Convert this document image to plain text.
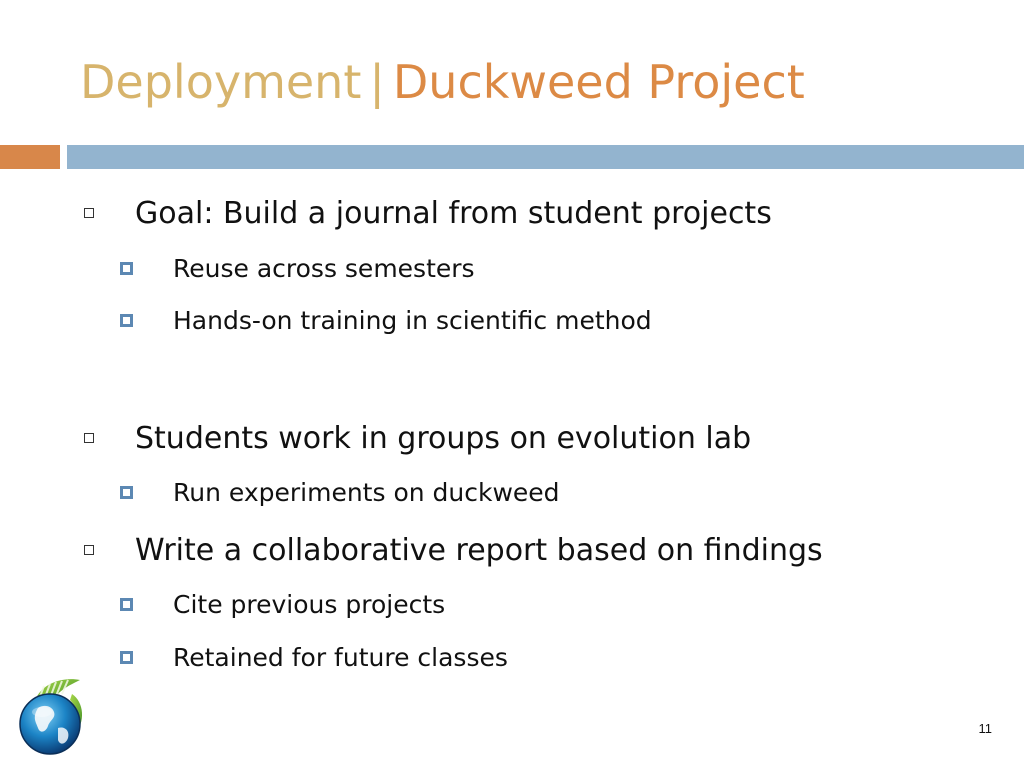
Deployment | Duckweed Project
Goal: Build a journal from student projects
Reuse across semesters
Hands-on training in scientific method
Students work in groups on evolution lab
Run experiments on duckweed
Write a collaborative report based on findings
Cite previous projects
Retained for future classes
11
